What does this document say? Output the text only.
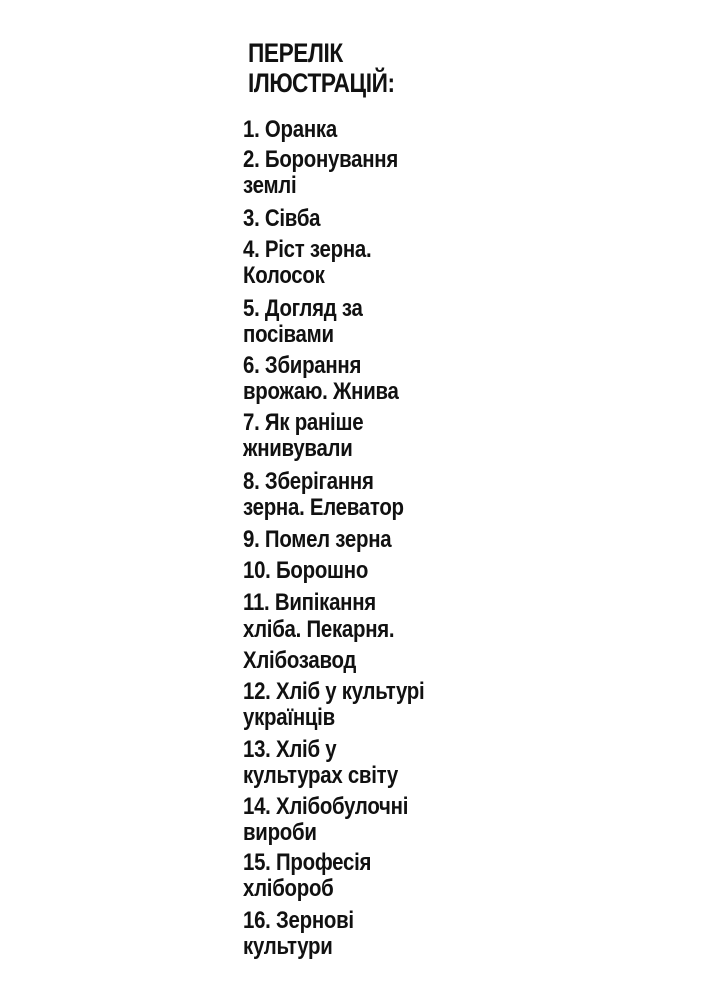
ПЕРЕЛІК
ІЛЮСТРАЦІЙ:
1. Оранка
2. Боронування
землі
3. Сівба
4. Ріст зерна.
Колосок
5. Догляд за
посівами
6. Збирання
врожаю. Жнива
7. Як раніше
жнивували
8. Зберігання
зерна. Елеватор
9. Помел зерна
10. Борошно
11. Випікання
хліба. Пекарня.
Хлібозавод
12. Хліб у культурі
українців
13. Хліб у
культурах світу
14. Хлібобулочні
вироби
15. Професія
хлібороб
16. Зернові
культури
